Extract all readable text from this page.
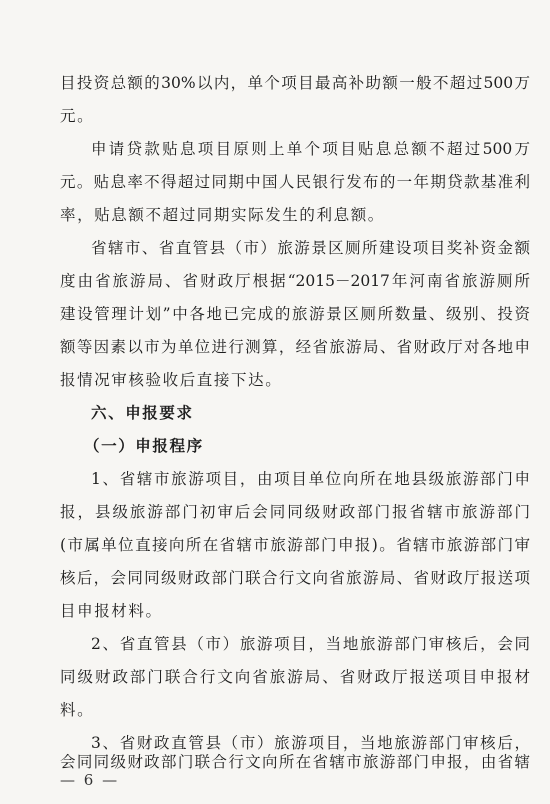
目投资总额的30%以内，单个项目最高补助额一般不超过500万
元。
申请贷款贴息项目原则上单个项目贴息总额不超过500万
元。贴息率不得超过同期中国人民银行发布的一年期贷款基准利
率，贴息额不超过同期实际发生的利息额。
省辖市、省直管县（市）旅游景区厕所建设项目奖补资金额
度由省旅游局、省财政厅根据“2015－2017年河南省旅游厕所
建设管理计划”中各地已完成的旅游景区厕所数量、级别、投资
额等因素以市为单位进行测算，经省旅游局、省财政厅对各地申
报情况审核验收后直接下达。
六、申报要求
（一）申报程序
1、省辖市旅游项目，由项目单位向所在地县级旅游部门申
报，县级旅游部门初审后会同同级财政部门报省辖市旅游部门
(市属单位直接向所在省辖市旅游部门申报)。省辖市旅游部门审
核后，会同同级财政部门联合行文向省旅游局、省财政厅报送项
目申报材料。
2、省直管县（市）旅游项目，当地旅游部门审核后，会同
同级财政部门联合行文向省旅游局、省财政厅报送项目申报材
料。
3、省财政直管县（市）旅游项目，当地旅游部门审核后，
会同同级财政部门联合行文向所在省辖市旅游部门申报，由省辖
— 6 —
